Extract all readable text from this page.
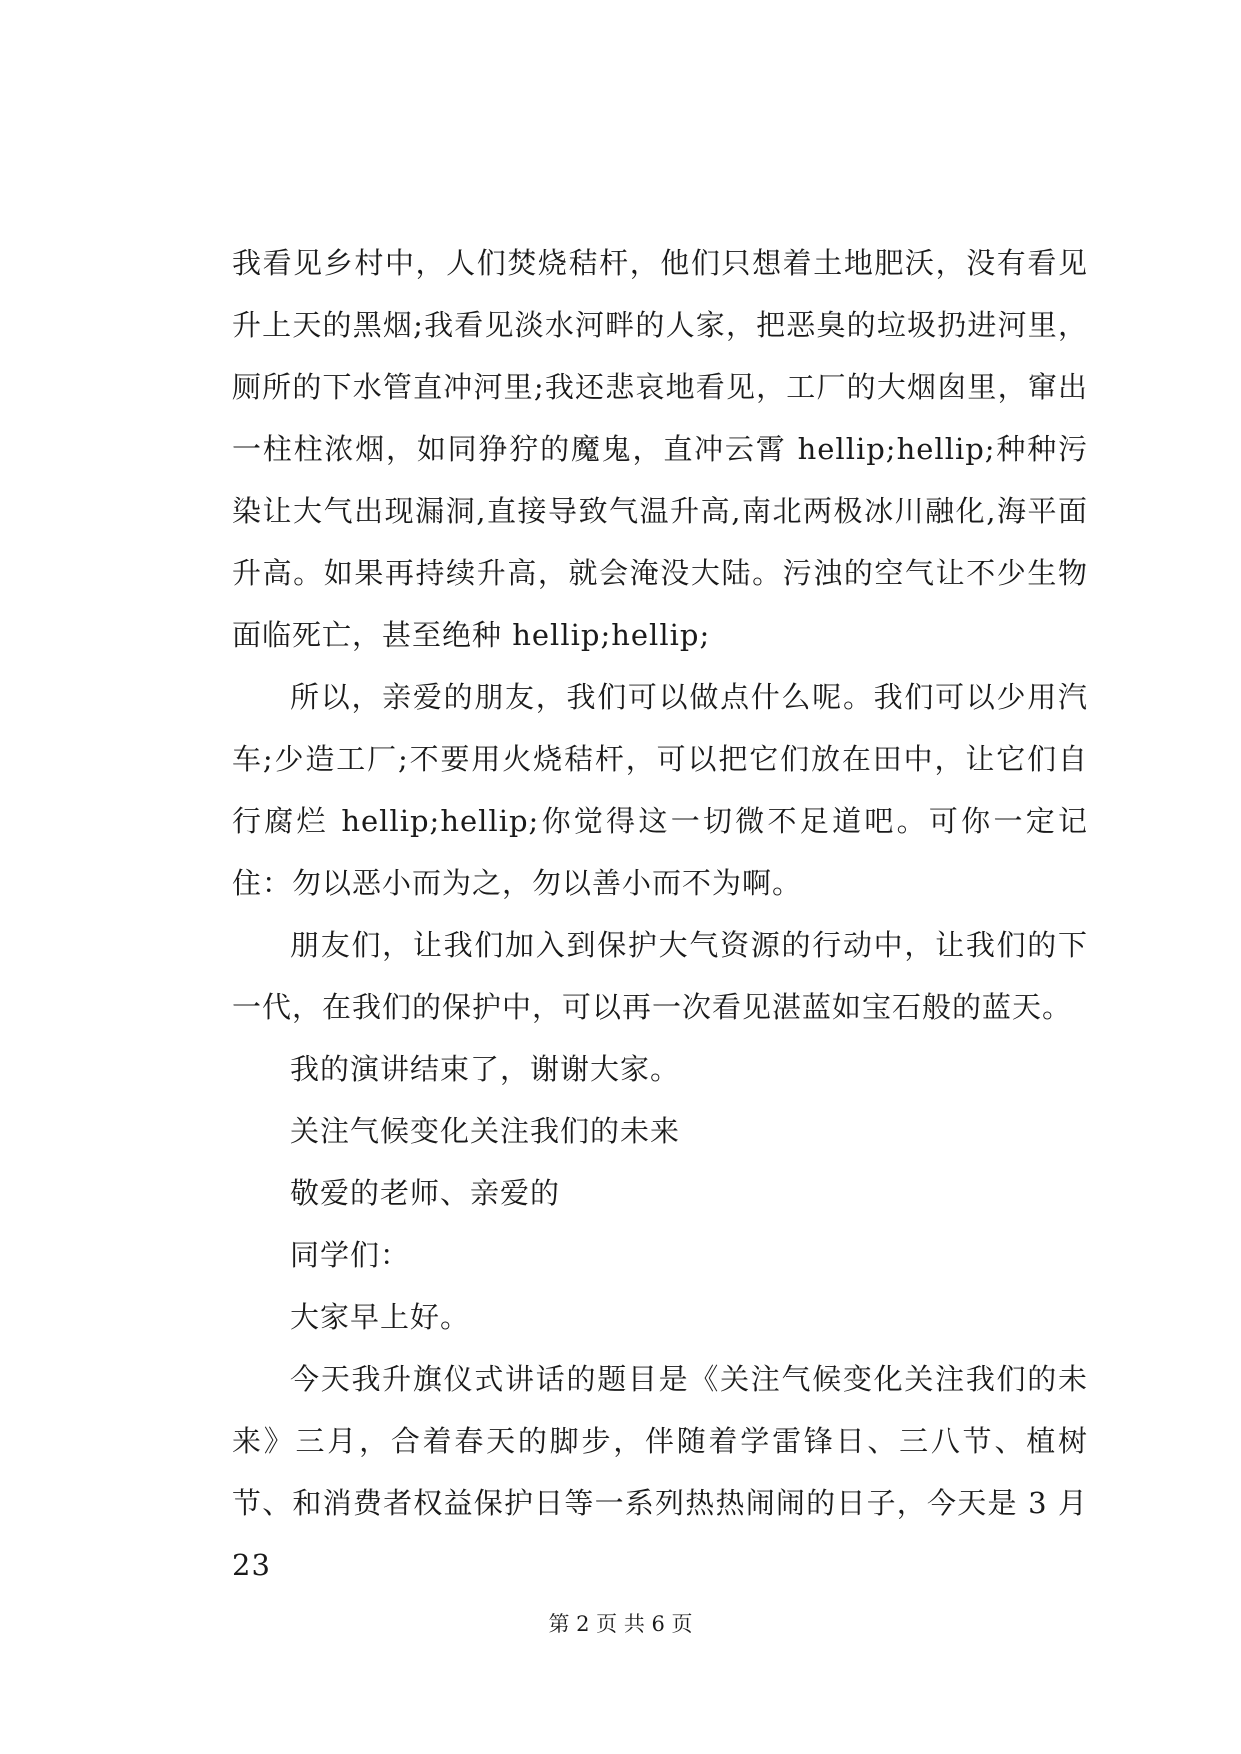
我看见乡村中，人们焚烧秸杆，他们只想着土地肥沃，没有看见升上天的黑烟;我看见淡水河畔的人家，把恶臭的垃圾扔进河里，厕所的下水管直冲河里;我还悲哀地看见，工厂的大烟囱里，窜出一柱柱浓烟，如同狰狞的魔鬼，直冲云霄 hellip;hellip;种种污染让大气出现漏洞,直接导致气温升高,南北两极冰川融化,海平面升高。如果再持续升高，就会淹没大陆。污浊的空气让不少生物面临死亡，甚至绝种 hellip;hellip;

所以，亲爱的朋友，我们可以做点什么呢。我们可以少用汽车;少造工厂;不要用火烧秸杆，可以把它们放在田中，让它们自行腐烂 hellip;hellip;你觉得这一切微不足道吧。可你一定记住：勿以恶小而为之，勿以善小而不为啊。

朋友们，让我们加入到保护大气资源的行动中，让我们的下一代，在我们的保护中，可以再一次看见湛蓝如宝石般的蓝天。

我的演讲结束了，谢谢大家。

关注气候变化关注我们的未来

敬爱的老师、亲爱的

同学们：

大家早上好。

今天我升旗仪式讲话的题目是《关注气候变化关注我们的未来》三月，合着春天的脚步，伴随着学雷锋日、三八节、植树节、和消费者权益保护日等一系列热热闹闹的日子，今天是 3 月 23

第 2 页 共 6 页
